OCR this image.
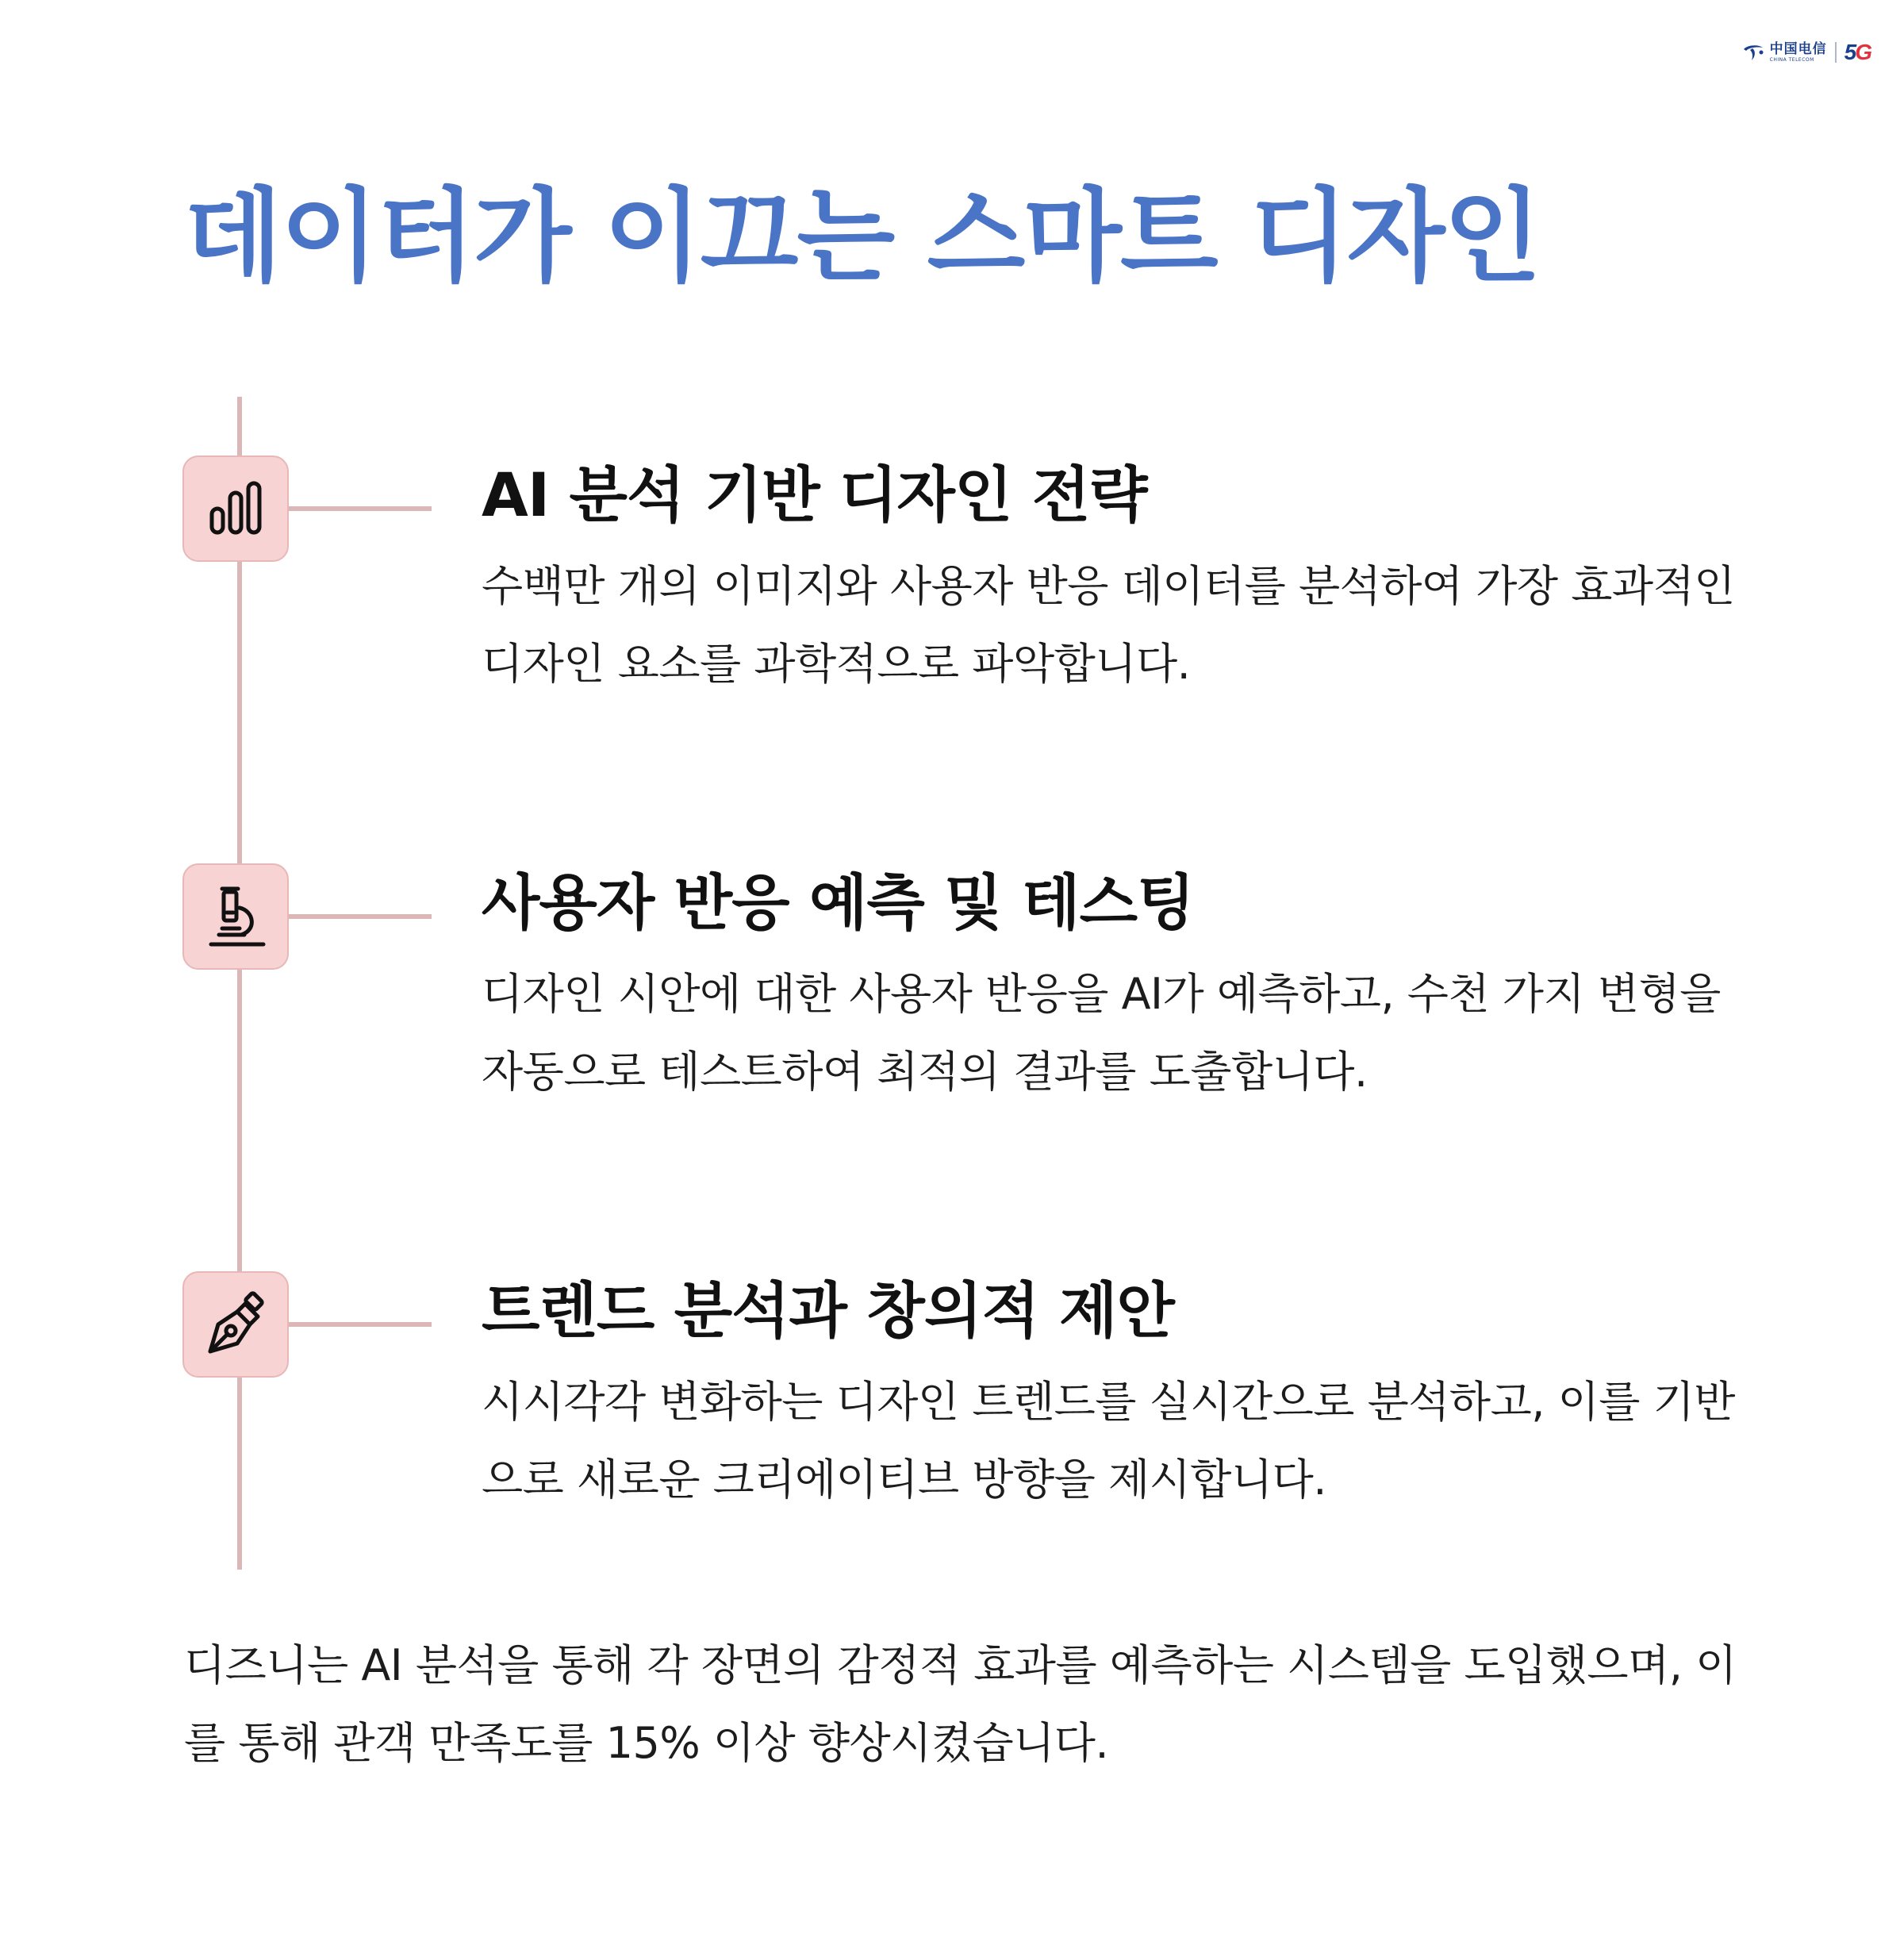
中国电信
CHINA TELECOM	5G
데이터가 이끄는 스마트 디자인
AI 분석 기반 디자인 전략

수백만 개의 이미지와 사용자 반응 데이터를 분석하여 가장 효과적인 디자인 요소를 과학적으로 파악합니다.

사용자 반응 예측 및 테스팅

디자인 시안에 대한 사용자 반응을 AI가 예측하고, 수천 가지 변형을 자동으로 테스트하여 최적의 결과를 도출합니다.

트렌드 분석과 창의적 제안

시시각각 변화하는 디자인 트렌드를 실시간으로 분석하고, 이를 기반으로 새로운 크리에이티브 방향을 제시합니다.

디즈니는 AI 분석을 통해 각 장면의 감정적 효과를 예측하는 시스템을 도입했으며, 이를 통해 관객 만족도를 15% 이상 향상시켰습니다.
